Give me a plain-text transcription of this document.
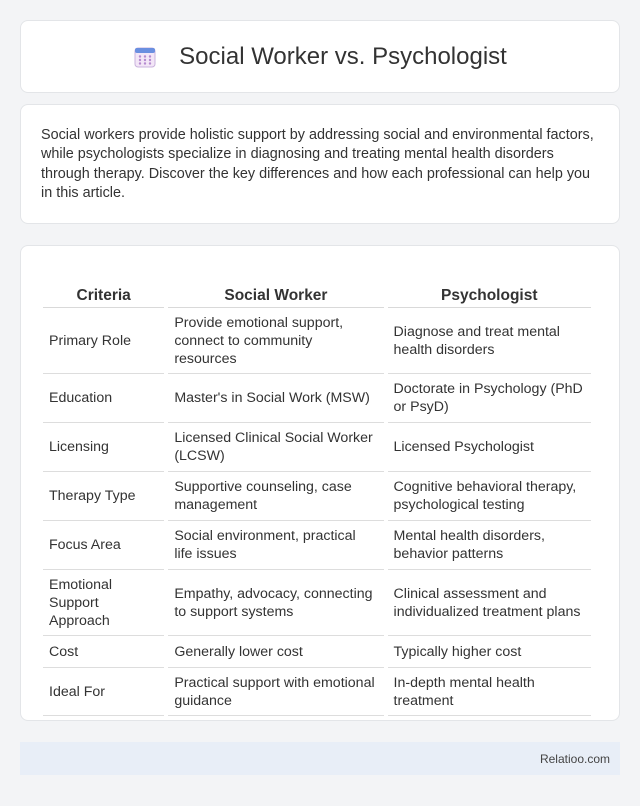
Social Worker vs. Psychologist

Social workers provide holistic support by addressing social and environmental factors, while psychologists specialize in diagnosing and treating mental health disorders through therapy. Discover the key differences and how each professional can help you in this article.

Criteria	Social Worker	Psychologist
Primary Role	Provide emotional support, connect to community resources	Diagnose and treat mental health disorders
Education	Master's in Social Work (MSW)	Doctorate in Psychology (PhD or PsyD)
Licensing	Licensed Clinical Social Worker (LCSW)	Licensed Psychologist
Therapy Type	Supportive counseling, case management	Cognitive behavioral therapy, psychological testing
Focus Area	Social environment, practical life issues	Mental health disorders, behavior patterns
Emotional Support Approach	Empathy, advocacy, connecting to support systems	Clinical assessment and individualized treatment plans
Cost	Generally lower cost	Typically higher cost
Ideal For	Practical support with emotional guidance	In-depth mental health treatment
Relatioo.com
